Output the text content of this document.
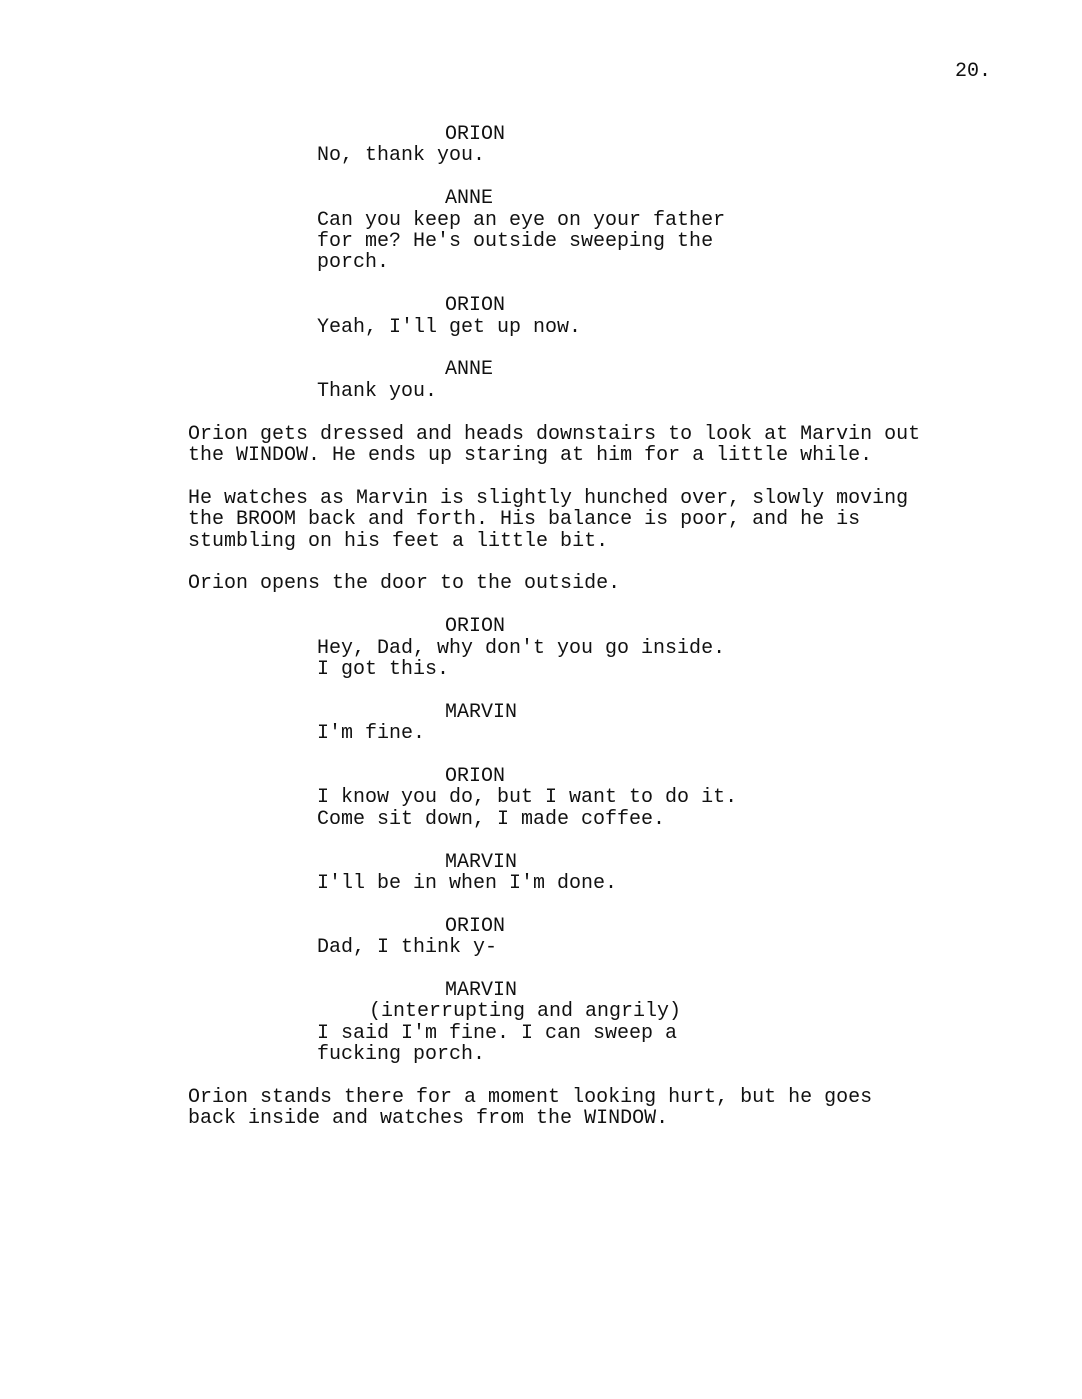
20.
ORION
No, thank you.
ANNE
Can you keep an eye on your father
for me? He's outside sweeping the
porch.
ORION
Yeah, I'll get up now.
ANNE
Thank you.
Orion gets dressed and heads downstairs to look at Marvin out
the WINDOW. He ends up staring at him for a little while.
He watches as Marvin is slightly hunched over, slowly moving
the BROOM back and forth. His balance is poor, and he is
stumbling on his feet a little bit.
Orion opens the door to the outside.
ORION
Hey, Dad, why don't you go inside.
I got this.
MARVIN
I'm fine.
ORION
I know you do, but I want to do it.
Come sit down, I made coffee.
MARVIN
I'll be in when I'm done.
ORION
Dad, I think y-
MARVIN
(interrupting and angrily)
I said I'm fine. I can sweep a
fucking porch.
Orion stands there for a moment looking hurt, but he goes
back inside and watches from the WINDOW.
